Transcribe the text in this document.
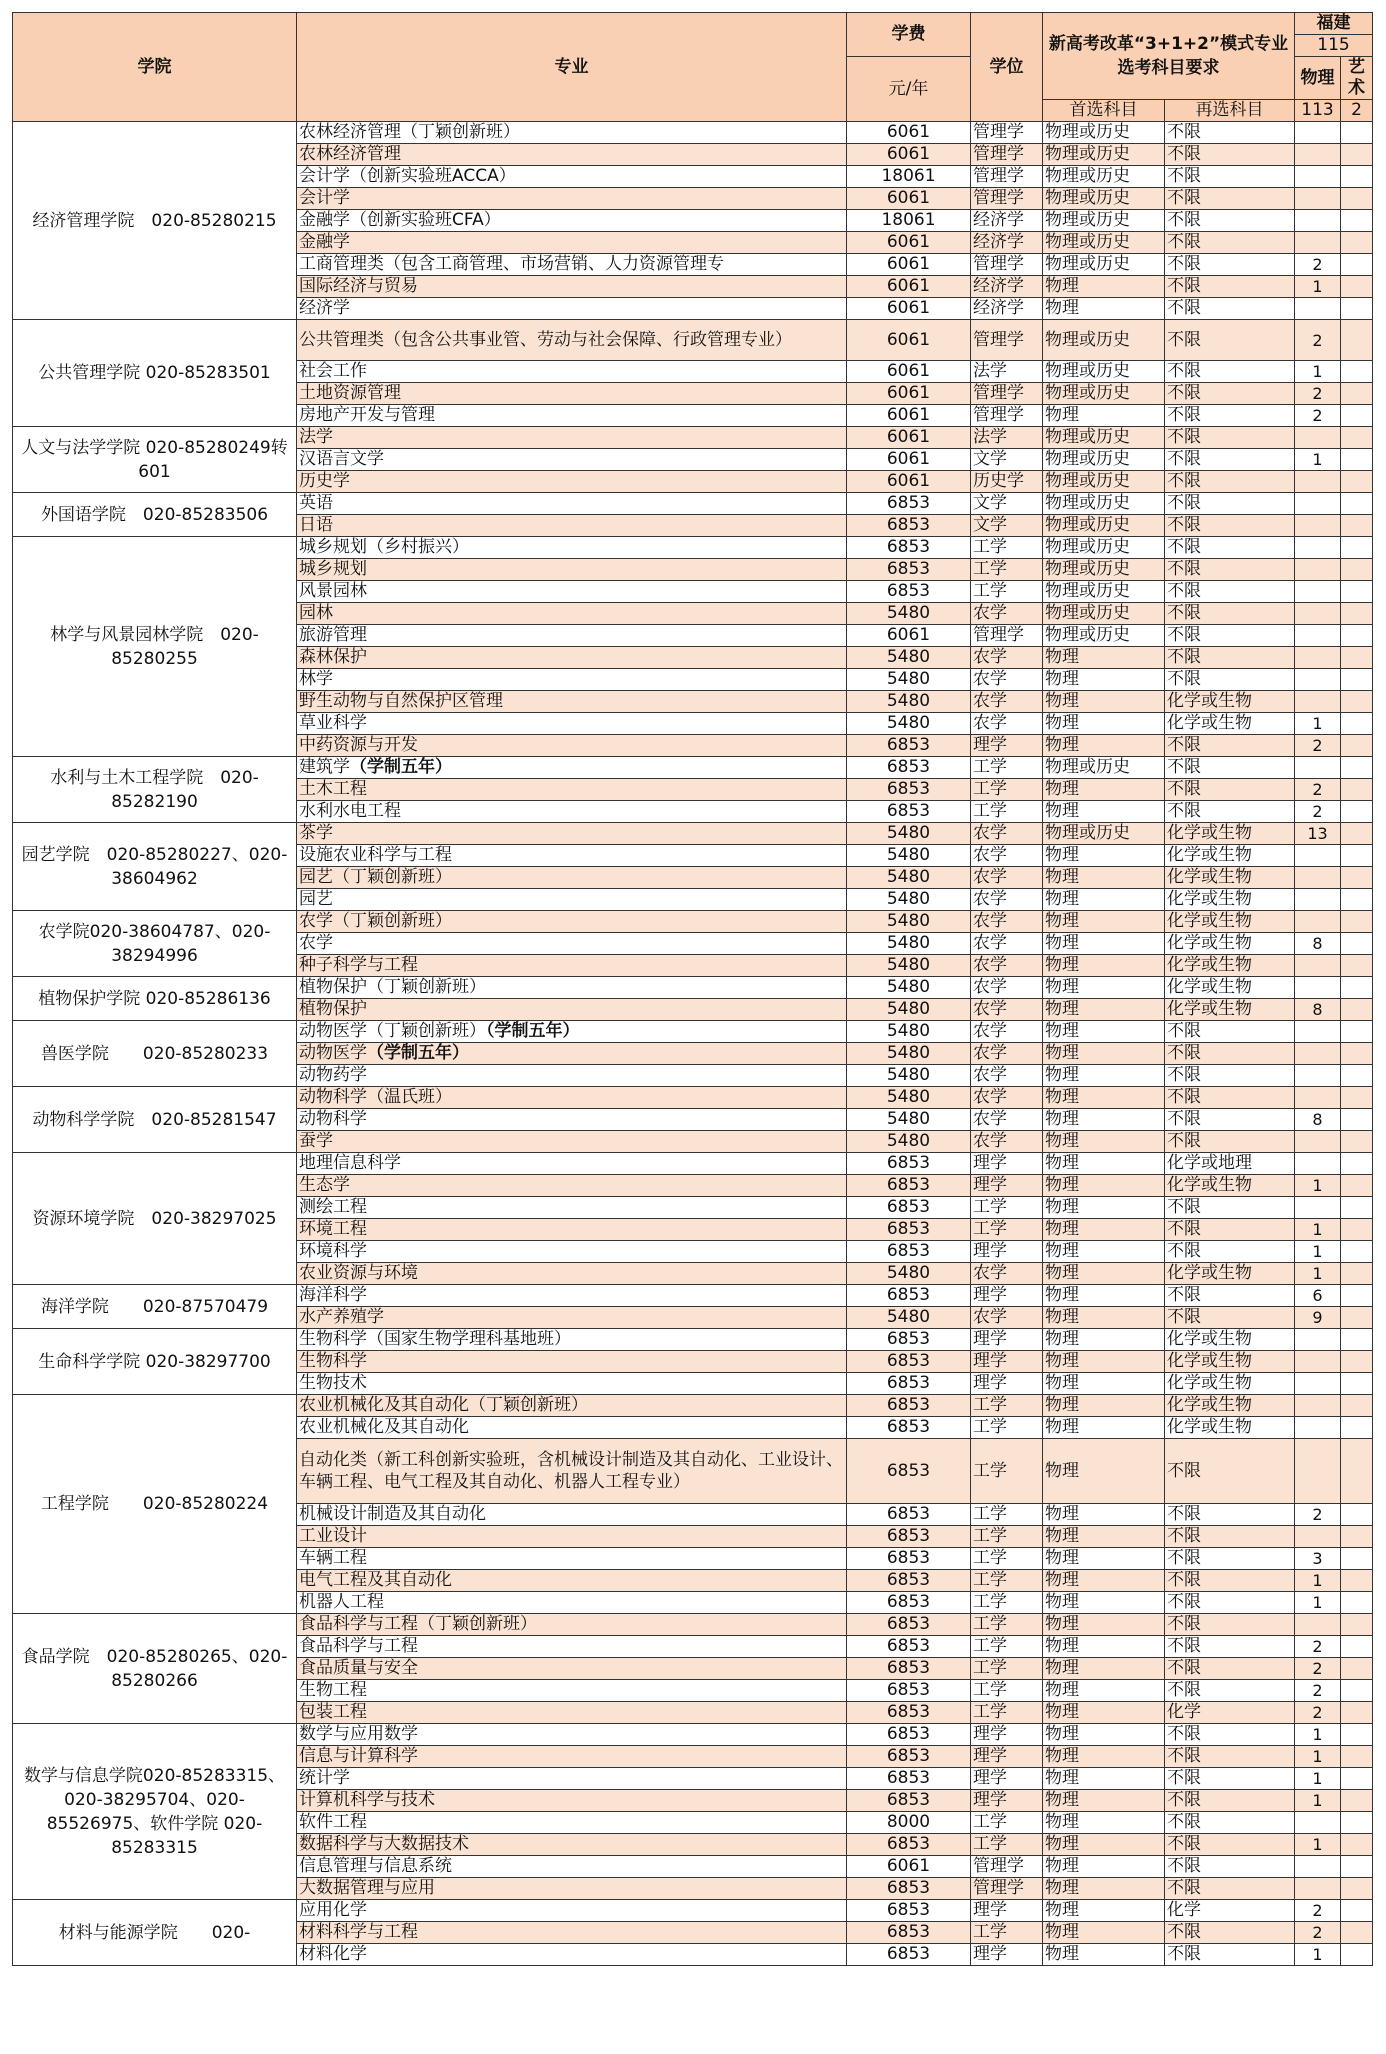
学院	专业	学费	学位	新高考改革“3+1+2”模式专业选考科目要求		福建	
						115	
		元/年				物理	艺术
				首选科目	再选科目	113	2
经济管理学院　020-85280215	农林经济管理（丁颖创新班）	6061	管理学	物理或历史	不限		
	农林经济管理	6061	管理学	物理或历史	不限		
	会计学（创新实验班ACCA）	18061	管理学	物理或历史	不限		
	会计学	6061	管理学	物理或历史	不限		
	金融学（创新实验班CFA）	18061	经济学	物理或历史	不限		
	金融学	6061	经济学	物理或历史	不限		
	工商管理类（包含工商管理、市场营销、人力资源管理专	6061	管理学	物理或历史	不限	2	
	国际经济与贸易	6061	经济学	物理	不限	1	
	经济学	6061	经济学	物理	不限		
公共管理学院 020-85283501	公共管理类（包含公共事业管、劳动与社会保障、行政管理专业）	6061	管理学	物理或历史	不限	2	
	社会工作	6061	法学	物理或历史	不限	1	
	土地资源管理	6061	管理学	物理或历史	不限	2	
	房地产开发与管理	6061	管理学	物理	不限	2	
人文与法学学院 020-85280249转601	法学	6061	法学	物理或历史	不限		
	汉语言文学	6061	文学	物理或历史	不限	1	
	历史学	6061	历史学	物理或历史	不限		
外国语学院　020-85283506	英语	6853	文学	物理或历史	不限		
	日语	6853	文学	物理或历史	不限		
林学与风景园林学院　020-85280255	城乡规划（乡村振兴）	6853	工学	物理或历史	不限		
	城乡规划	6853	工学	物理或历史	不限		
	风景园林	6853	工学	物理或历史	不限		
	园林	5480	农学	物理或历史	不限		
	旅游管理	6061	管理学	物理或历史	不限		
	森林保护	5480	农学	物理	不限		
	林学	5480	农学	物理	不限		
	野生动物与自然保护区管理	5480	农学	物理	化学或生物		
	草业科学	5480	农学	物理	化学或生物	1	
	中药资源与开发	6853	理学	物理	不限	2	
水利与土木工程学院　020-85282190	建筑学（学制五年）	6853	工学	物理或历史	不限		
	土木工程	6853	工学	物理	不限	2	
	水利水电工程	6853	工学	物理	不限	2	
园艺学院　020-85280227、020-38604962	茶学	5480	农学	物理或历史	化学或生物	13	
	设施农业科学与工程	5480	农学	物理	化学或生物		
	园艺（丁颖创新班）	5480	农学	物理	化学或生物		
	园艺	5480	农学	物理	化学或生物		
农学院020-38604787、020-38294996	农学（丁颖创新班）	5480	农学	物理	化学或生物		
	农学	5480	农学	物理	化学或生物	8	
	种子科学与工程	5480	农学	物理	化学或生物		
植物保护学院 020-85286136	植物保护（丁颖创新班）	5480	农学	物理	化学或生物		
	植物保护	5480	农学	物理	化学或生物	8	
兽医学院　　020-85280233	动物医学（丁颖创新班）（学制五年）	5480	农学	物理	不限		
	动物医学（学制五年）	5480	农学	物理	不限		
	动物药学	5480	农学	物理	不限		
动物科学学院　020-85281547	动物科学（温氏班）	5480	农学	物理	不限		
	动物科学	5480	农学	物理	不限	8	
	蚕学	5480	农学	物理	不限		
资源环境学院　020-38297025	地理信息科学	6853	理学	物理	化学或地理		
	生态学	6853	理学	物理	化学或生物	1	
	测绘工程	6853	工学	物理	不限		
	环境工程	6853	工学	物理	不限	1	
	环境科学	6853	理学	物理	不限	1	
	农业资源与环境	5480	农学	物理	化学或生物	1	
海洋学院　　020-87570479	海洋科学	6853	理学	物理	不限	6	
	水产养殖学	5480	农学	物理	不限	9	
生命科学学院 020-38297700	生物科学（国家生物学理科基地班）	6853	理学	物理	化学或生物		
	生物科学	6853	理学	物理	化学或生物		
	生物技术	6853	理学	物理	化学或生物		
工程学院　　020-85280224	农业机械化及其自动化（丁颖创新班）	6853	工学	物理	化学或生物		
	农业机械化及其自动化	6853	工学	物理	化学或生物		
	自动化类（新工科创新实验班，含机械设计制造及其自动化、工业设计、车辆工程、电气工程及其自动化、机器人工程专业）	6853	工学	物理	不限		
	机械设计制造及其自动化	6853	工学	物理	不限	2	
	工业设计	6853	工学	物理	不限		
	车辆工程	6853	工学	物理	不限	3	
	电气工程及其自动化	6853	工学	物理	不限	1	
	机器人工程	6853	工学	物理	不限	1	
食品学院　020-85280265、020-85280266	食品科学与工程（丁颖创新班）	6853	工学	物理	不限		
	食品科学与工程	6853	工学	物理	不限	2	
	食品质量与安全	6853	工学	物理	不限	2	
	生物工程	6853	工学	物理	不限	2	
	包装工程	6853	工学	物理	化学	2	
数学与信息学院020-85283315、020-38295704、020-85526975、软件学院 020-85283315	数学与应用数学	6853	理学	物理	不限	1	
	信息与计算科学	6853	理学	物理	不限	1	
	统计学	6853	理学	物理	不限	1	
	计算机科学与技术	6853	理学	物理	不限	1	
	软件工程	8000	工学	物理	不限		
	数据科学与大数据技术	6853	工学	物理	不限	1	
	信息管理与信息系统	6061	管理学	物理	不限		
	大数据管理与应用	6853	管理学	物理	不限		
材料与能源学院　　020-	应用化学	6853	理学	物理	化学	2	
	材料科学与工程	6853	工学	物理	不限	2	
	材料化学	6853	理学	物理	不限	1	
